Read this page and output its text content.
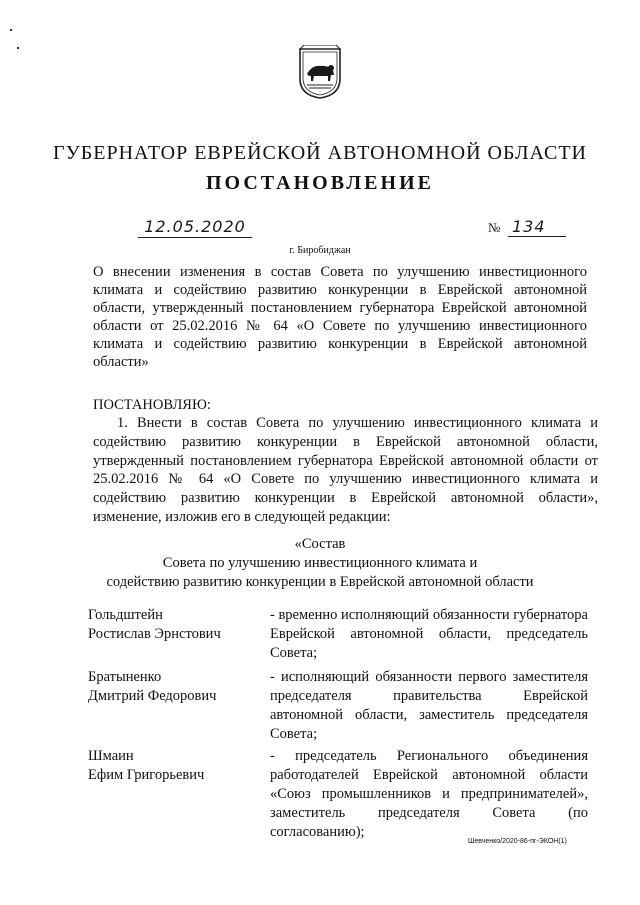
ГУБЕРНАТОР ЕВРЕЙСКОЙ АВТОНОМНОЙ ОБЛАСТИ
ПОСТАНОВЛЕНИЕ
12.05.2020	№ 134
г. Биробиджан
О внесении изменения в состав Совета по улучшению инвестиционного климата и содействию развитию конкуренции в Еврейской автономной области, утвержденный постановлением губернатора Еврейской автономной области от 25.02.2016 № 64 «О Совете по улучшению инвестиционного климата и содействию развитию конкуренции в Еврейской автономной области»
ПОСТАНОВЛЯЮ:
1. Внести в состав Совета по улучшению инвестиционного климата и содействию развитию конкуренции в Еврейской автономной области, утвержденный постановлением губернатора Еврейской автономной области от 25.02.2016 № 64 «О Совете по улучшению инвестиционного климата и содействию развитию конкуренции в Еврейской автономной области», изменение, изложив его в следующей редакции:
«Состав
Совета по улучшению инвестиционного климата и
содействию развитию конкуренции в Еврейской автономной области
Гольдштейн
Ростислав Эрнстович
- временно исполняющий обязанности губернатора Еврейской автономной области, председатель Совета;
Братыненко
Дмитрий Федорович
- исполняющий обязанности первого заместителя председателя правительства Еврейской автономной области, заместитель председателя Совета;
Шмаин
Ефим Григорьевич
- председатель Регионального объединения работодателей Еврейской автономной области «Союз промышленников и предпринимателей», заместитель председателя Совета (по согласованию);
Шевченко/2020-86-пг-ЭКОН(1)
